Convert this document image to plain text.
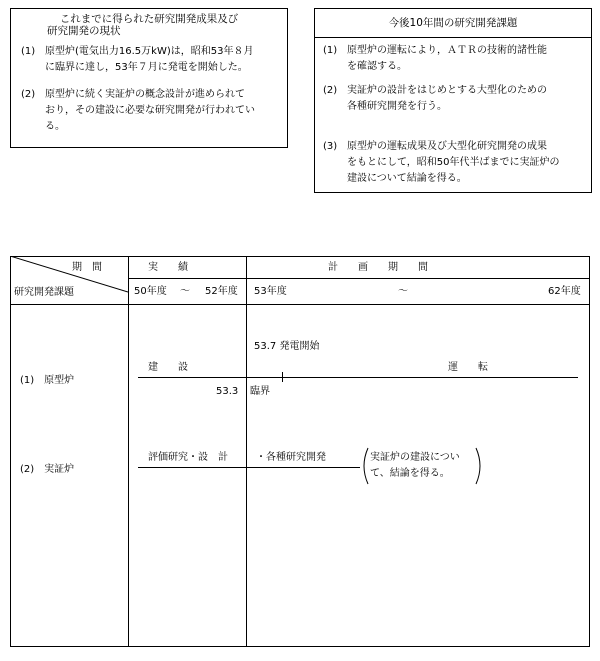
これまでに得られた研究開発成果及び
研究開発の現状
(1) 原型炉(電気出力16.5万kW)は，昭和53年８月
に臨界に達し，53年７月に発電を開始した。
(2) 原型炉に続く実証炉の概念設計が進められて
おり，その建設に必要な研究開発が行われてい
る。
今後10年間の研究開発課題
(1) 原型炉の運転により，ＡＴＲの技術的諸性能
を確認する。
(2) 実証炉の設計をはじめとする大型化のための
各種研究開発を行う。
(3) 原型炉の運転成果及び大型化研究開発の成果
をもとにして，昭和50年代半ばまでに実証炉の
建設について結論を得る。
期　間
研究開発課題
実　　績	計　　画　　期　　間
50年度 〜 52年度 53年度	〜	62年度
(1)　原型炉
53.7 発電開始
建　　設	運　　転
53.3 臨界
(2)　実証炉
評価研究・設　計	・各種研究開発	実証炉の建設につい
て、結論を得る。
